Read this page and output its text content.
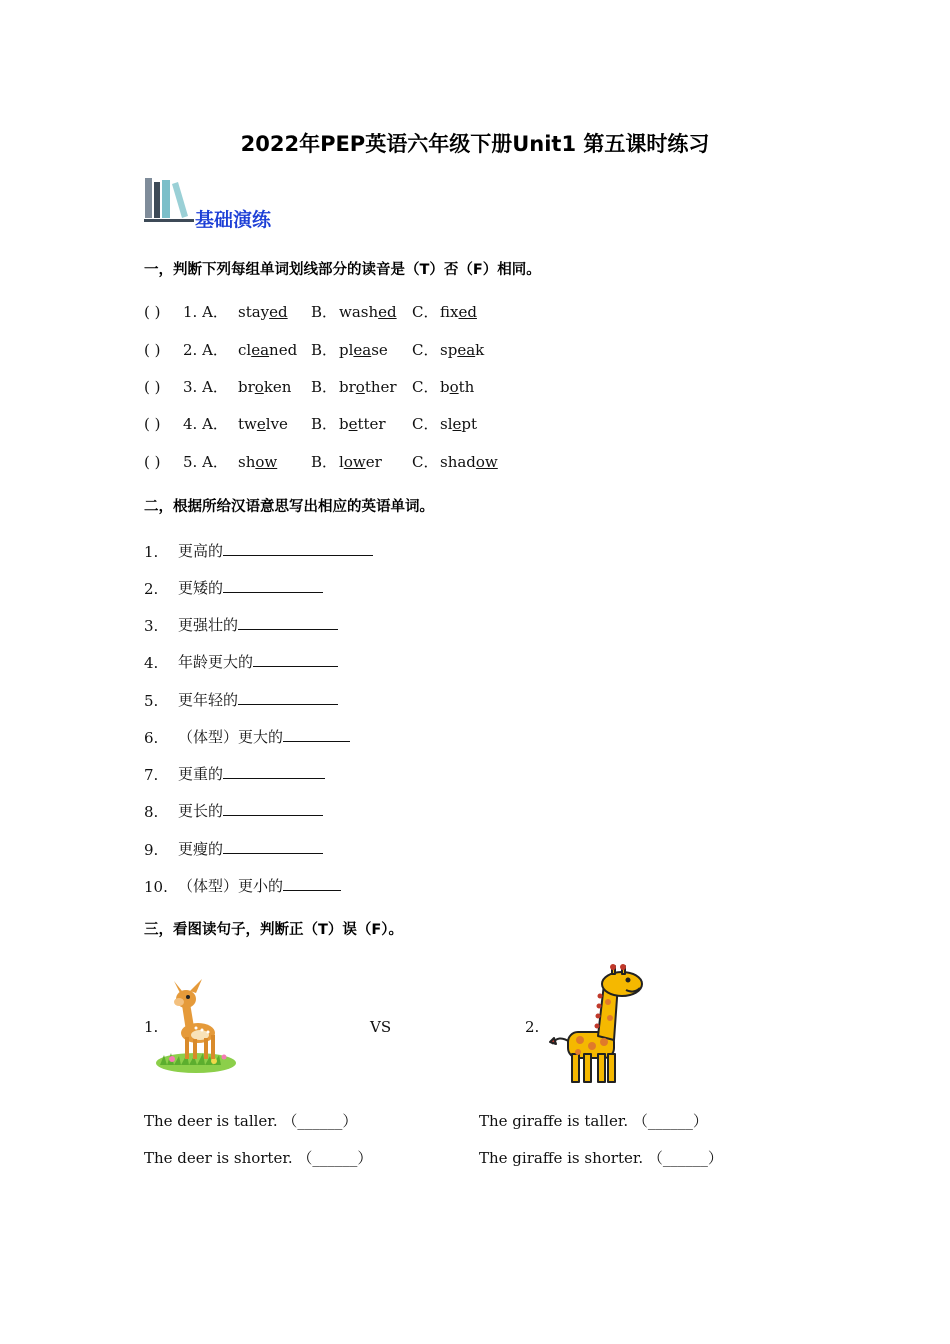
2022年PEP英语六年级下册Unit1 第五课时练习
基础演练
一，判断下列每组单词划线部分的读音是（T）否（F）相同。
( ) 1. A． stayed B． washed C． fixed
( ) 2. A． cleaned B． please C． speak
( ) 3. A． broken B． brother C． both
( ) 4. A． twelve B． better C． slept
( ) 5. A． show B． lower C． shadow
二，根据所给汉语意思写出相应的英语单词。
1. 更高的
2. 更矮的
3. 更强壮的
4. 年龄更大的
5. 更年轻的
6. （体型）更大的
7. 更重的
8. 更长的
9. 更瘦的
10. （体型）更小的
三，看图读句子，判断正（T）误（F）。
1.	VS	2.
The deer is taller. （______）
The deer is shorter. （______）
The giraffe is taller. （______）
The giraffe is shorter. （______）
